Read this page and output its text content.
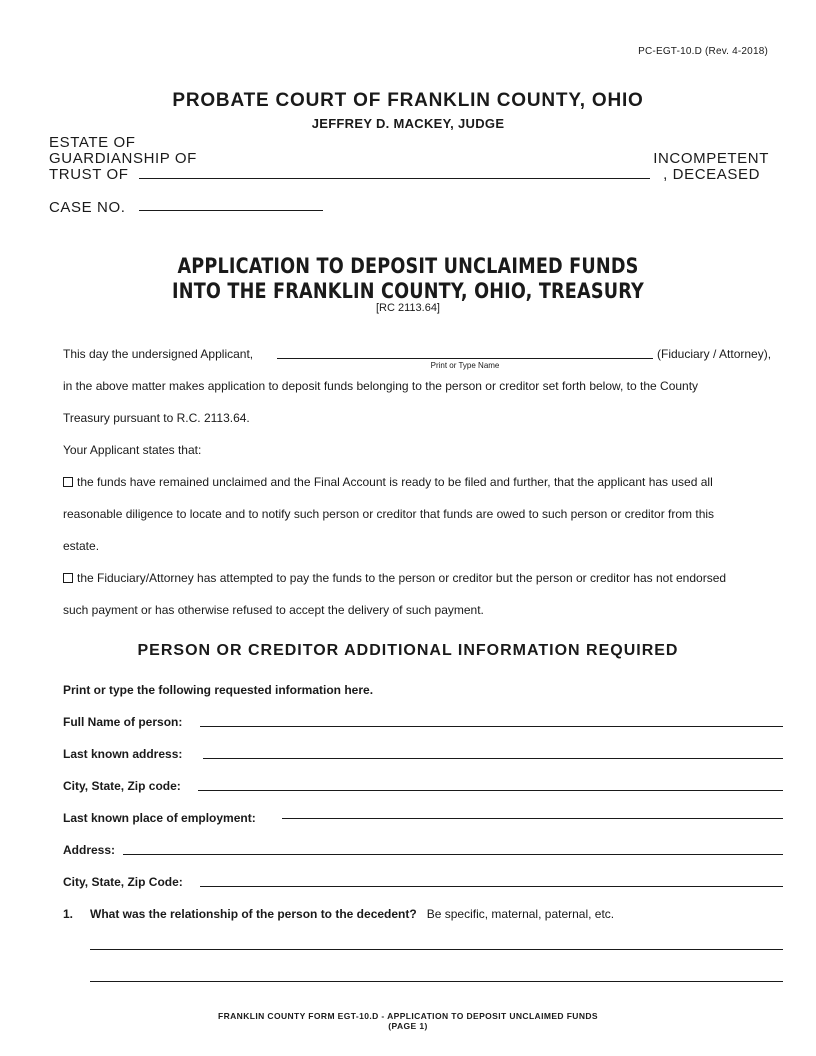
PC-EGT-10.D (Rev. 4-2018)
PROBATE COURT OF FRANKLIN COUNTY, OHIO
JEFFREY D. MACKEY, JUDGE
ESTATE OF
GUARDIANSHIP OF
TRUST OF
INCOMPETENT
, DECEASED
CASE NO.
APPLICATION TO DEPOSIT UNCLAIMED FUNDS
INTO THE FRANKLIN COUNTY, OHIO, TREASURY
[RC 2113.64]
This day the undersigned Applicant,
Print or Type Name
(Fiduciary / Attorney),
in the above matter makes application to deposit funds belonging to the person or creditor set forth below, to the County
Treasury pursuant to R.C. 2113.64.
Your Applicant states that:
the funds have remained unclaimed and the Final Account is ready to be filed and further, that the applicant has used all
reasonable diligence to locate and to notify such person or creditor that funds are owed to such person or creditor from this
estate.
the Fiduciary/Attorney has attempted to pay the funds to the person or creditor but the person or creditor has not endorsed
such payment or has otherwise refused to accept the delivery of such payment.
PERSON OR CREDITOR ADDITIONAL INFORMATION REQUIRED
Print or type the following requested information here.
Full Name of person:
Last known address:
City, State, Zip code:
Last known place of employment:
Address:
City, State, Zip Code:
1. What was the relationship of the person to the decedent? Be specific, maternal, paternal, etc.
FRANKLIN COUNTY FORM EGT-10.D - APPLICATION TO DEPOSIT UNCLAIMED FUNDS
(PAGE 1)
